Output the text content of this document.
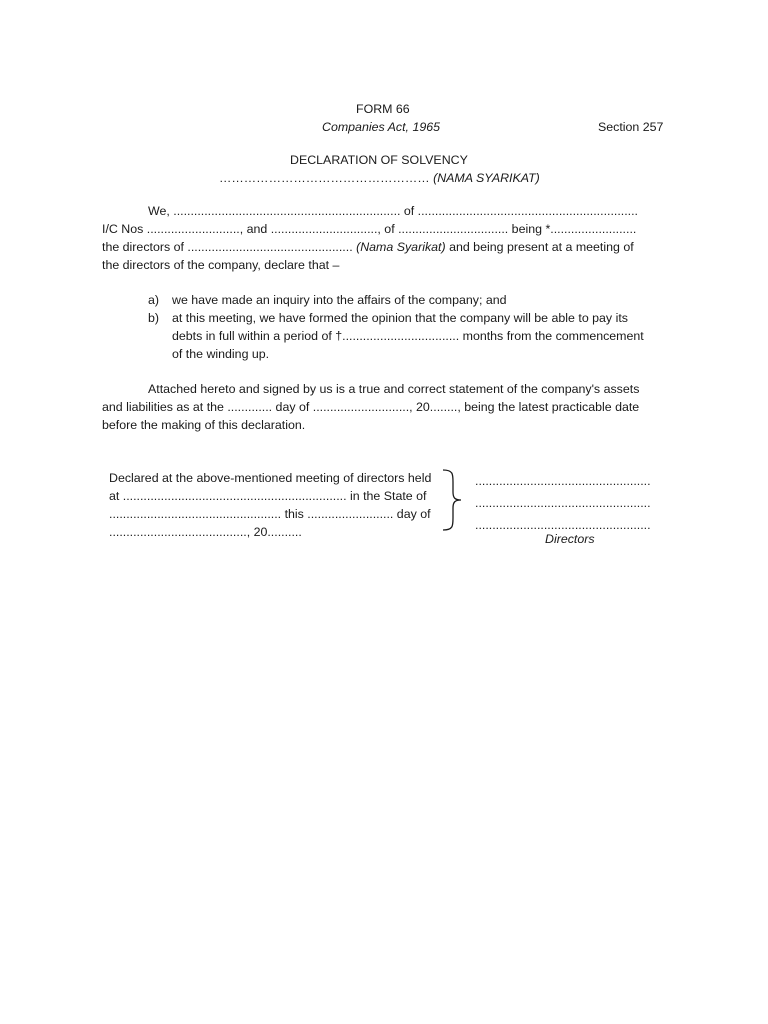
FORM 66
Companies Act, 1965	Section 257
DECLARATION OF SOLVENCY
…………………………………………… (NAMA SYARIKAT)
We, .................................................................. of ................................................................
I/C Nos ..........................., and ..............................., of ................................ being *.........................
the directors of ................................................ (Nama Syarikat) and being present at a meeting of
the directors of the company, declare that –
a) we have made an inquiry into the affairs of the company; and
b) at this meeting, we have formed the opinion that the company will be able to pay its
debts in full within a period of †.................................. months from the commencement
of the winding up.
Attached hereto and signed by us is a true and correct statement of the company's assets
and liabilities as at the ............. day of ............................, 20........, being the latest practicable date
before the making of this declaration.
Declared at the above-mentioned meeting of directors held
at ................................................................. in the State of
.................................................. this ......................... day of
........................................, 20..........
...................................................
...................................................
...................................................
Directors
